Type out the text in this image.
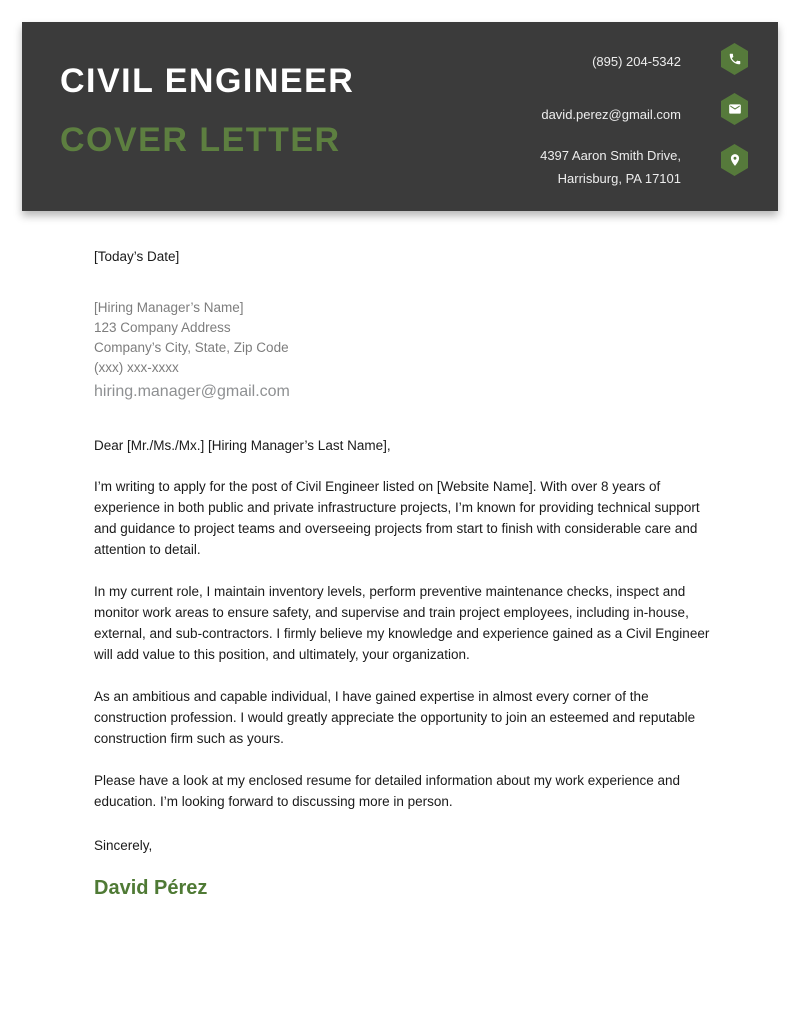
CIVIL ENGINEER
COVER LETTER
(895) 204-5342
david.perez@gmail.com
4397 Aaron Smith Drive,
Harrisburg, PA 17101
[Today’s Date]
[Hiring Manager’s Name]
123 Company Address
Company’s City, State, Zip Code
(xxx) xxx-xxxx
hiring.manager@gmail.com
Dear [Mr./Ms./Mx.] [Hiring Manager’s Last Name],

I’m writing to apply for the post of Civil Engineer listed on [Website Name]. With over 8 years of experience in both public and private infrastructure projects, I’m known for providing technical support and guidance to project teams and overseeing projects from start to finish with considerable care and attention to detail.

In my current role, I maintain inventory levels, perform preventive maintenance checks, inspect and monitor work areas to ensure safety, and supervise and train project employees, including in-house, external, and sub-contractors. I firmly believe my knowledge and experience gained as a Civil Engineer will add value to this position, and ultimately, your organization.

As an ambitious and capable individual, I have gained expertise in almost every corner of the construction profession. I would greatly appreciate the opportunity to join an esteemed and reputable construction firm such as yours.

Please have a look at my enclosed resume for detailed information about my work experience and education. I’m looking forward to discussing more in person.

Sincerely,
David Pérez
